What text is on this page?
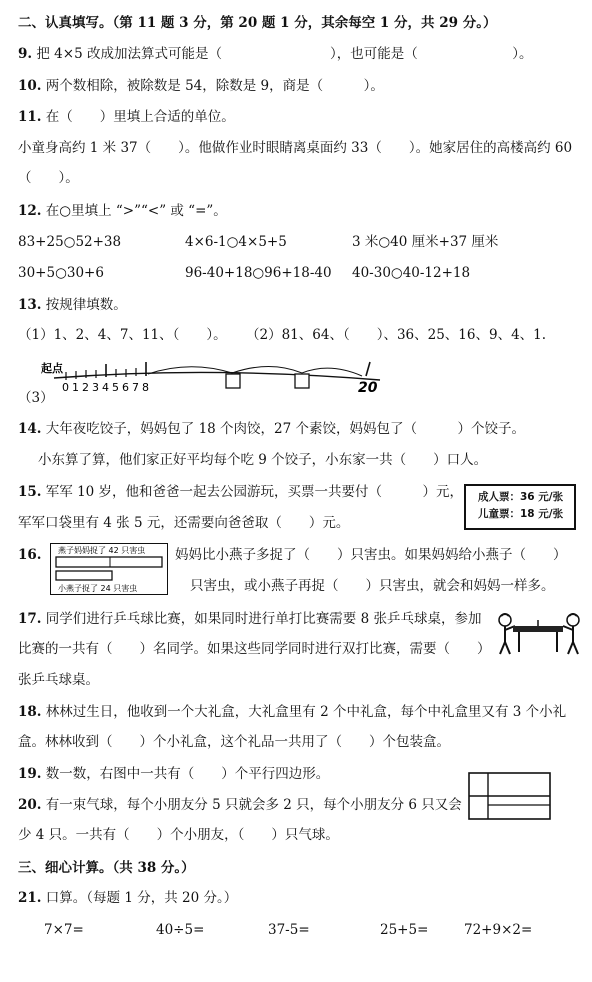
二、认真填写。（第 11 题 3 分，第 20 题 1 分，其余每空 1 分，共 29 分。）
9. 把 4×5 改成加法算式可能是（　　　　　　　　），也可能是（　　　　　　　）。
10. 两个数相除，被除数是 54，除数是 9，商是（　　　）。
11. 在（　　）里填上合适的单位。
小童身高约 1 米 37（　　）。他做作业时眼睛离桌面约 33（　　）。她家居住的高楼高约 60
（　　）。
12. 在○里填上 “>”“<” 或 “=”。
83+25○52+38	4×6-1○4×5+5	3 米○40 厘米+37 厘米
30+5○30+6	96-40+18○96+18-40 40-30○40-12+18
13. 按规律填数。
（1）1、2、4、7、11、（　　）。 （2）81、64、（　　）、36、25、16、9、4、1.
（3）
起点
0 1 2 3 4 5 6 7 8	20
14. 大年夜吃饺子，妈妈包了 18 个肉饺，27 个素饺，妈妈包了（　　　）个饺子。
小东算了算，他们家正好平均每个吃 9 个饺子，小东家一共（　　）口人。
15. 军军 10 岁，他和爸爸一起去公园游玩，买票一共要付（　　　）元，
军军口袋里有 4 张 5 元，还需要向爸爸取（　　）元。
成人票：36 元/张
儿童票：18 元/张
16.	妈妈比小燕子多捉了（　　）只害虫。如果妈妈给小燕子（　　）
只害虫，或小燕子再捉（　　）只害虫，就会和妈妈一样多。
燕子妈妈捉了 42 只害虫
小燕子捉了 24 只害虫
17. 同学们进行乒乓球比赛，如果同时进行单打比赛需要 8 张乒乓球桌，参加
比赛的一共有（　　）名同学。如果这些同学同时进行双打比赛，需要（　　）
张乒乓球桌。
18. 林林过生日，他收到一个大礼盒，大礼盒里有 2 个中礼盒，每个中礼盒里又有 3 个小礼
盒。林林收到（　　）个小礼盒，这个礼品一共用了（　　）个包装盒。
19. 数一数，右图中一共有（　　）个平行四边形。
20. 有一束气球，每个小朋友分 5 只就会多 2 只，每个小朋友分 6 只又会
少 4 只。一共有（　　）个小朋友，（　　）只气球。
三、细心计算。（共 38 分。）
21. 口算。（每题 1 分，共 20 分。）
7×7=	40÷5=	37-5=	25+5=	72+9×2=
